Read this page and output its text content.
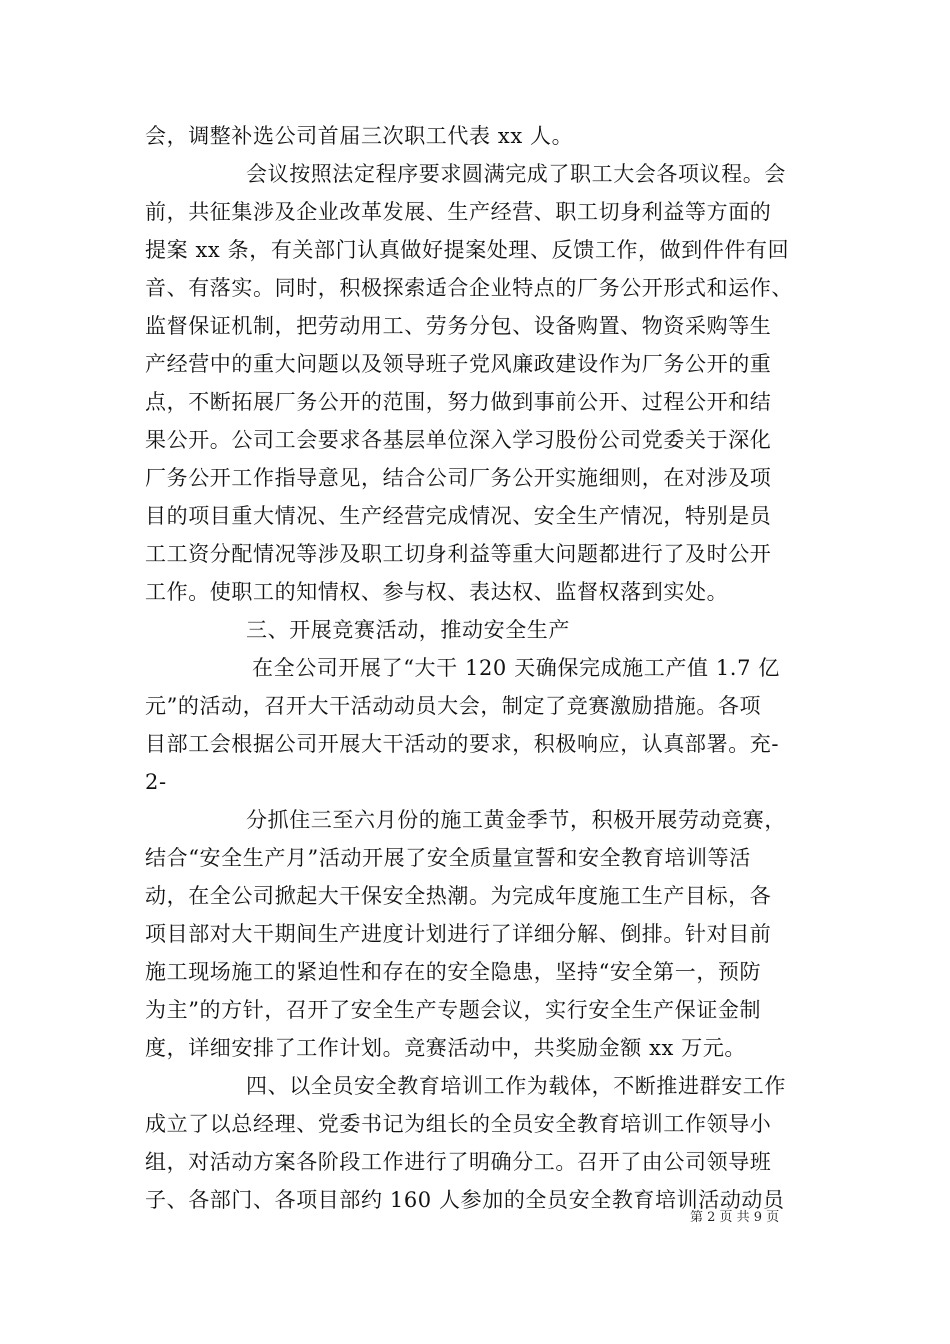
会，调整补选公司首届三次职工代表 xx 人。
会议按照法定程序要求圆满完成了职工大会各项议程。会
前，共征集涉及企业改革发展、生产经营、职工切身利益等方面的
提案 xx 条，有关部门认真做好提案处理、反馈工作，做到件件有回
音、有落实。同时，积极探索适合企业特点的厂务公开形式和运作、
监督保证机制，把劳动用工、劳务分包、设备购置、物资采购等生
产经营中的重大问题以及领导班子党风廉政建设作为厂务公开的重
点，不断拓展厂务公开的范围，努力做到事前公开、过程公开和结
果公开。公司工会要求各基层单位深入学习股份公司党委关于深化
厂务公开工作指导意见，结合公司厂务公开实施细则，在对涉及项
目的项目重大情况、生产经营完成情况、安全生产情况，特别是员
工工资分配情况等涉及职工切身利益等重大问题都进行了及时公开
工作。使职工的知情权、参与权、表达权、监督权落到实处。
三、开展竞赛活动，推动安全生产
在全公司开展了“大干 120 天确保完成施工产值 1.7 亿
元”的活动，召开大干活动动员大会，制定了竞赛激励措施。各项
目部工会根据公司开展大干活动的要求，积极响应，认真部署。充-
2-
分抓住三至六月份的施工黄金季节，积极开展劳动竞赛，
结合“安全生产月”活动开展了安全质量宣誓和安全教育培训等活
动，在全公司掀起大干保安全热潮。为完成年度施工生产目标，各
项目部对大干期间生产进度计划进行了详细分解、倒排。针对目前
施工现场施工的紧迫性和存在的安全隐患，坚持“安全第一，预防
为主”的方针，召开了安全生产专题会议，实行安全生产保证金制
度，详细安排了工作计划。竞赛活动中，共奖励金额 xx 万元。
四、以全员安全教育培训工作为载体，不断推进群安工作
成立了以总经理、党委书记为组长的全员安全教育培训工作领导小
组，对活动方案各阶段工作进行了明确分工。召开了由公司领导班
子、各部门、各项目部约 160 人参加的全员安全教育培训活动动员
第 2 页 共 9 页
